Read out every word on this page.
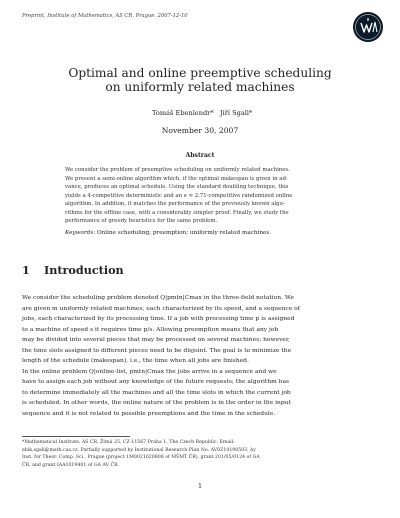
Preprint, Institute of Mathematics, AS CR, Prague. 2007-12-10
Optimal and online preemptive scheduling
on uniformly related machines
Tomáš Ebenlendr* Jiří Sgall*
November 30, 2007
Abstract
We consider the problem of preemptive scheduling on uniformly related machines.
We present a semi-online algorithm which, if the optimal makespan is given in ad-
vance, produces an optimal schedule. Using the standard doubling technique, this
yields a 4-competitive deterministic and an e ≈ 2.71-competitive randomized online
algorithm. In addition, it matches the performance of the previously known algo-
rithms for the offline case, with a considerably simpler proof. Finally, we study the
performance of greedy heuristics for the same problem.
Keywords: Online scheduling; preemption; uniformly related machines.
1 Introduction
We consider the scheduling problem denoted Q|pmtn|Cmax in the three-field notation. We
are given m uniformly related machines, each characterized by its speed, and a sequence of
jobs, each characterized by its processing time. If a job with processing time p is assigned
to a machine of speed s it requires time p/s. Allowing preemption means that any job
may be divided into several pieces that may be processed on several machines; however,
the time slots assigned to different pieces need to be disjoint. The goal is to minimize the
length of the schedule (makespan), i.e., the time when all jobs are finished.
In the online problem Q|online-list, pmtn|Cmax the jobs arrive in a sequence and we
have to assign each job without any knowledge of the future requests; the algorithm has
to determine immediately all the machines and all the time slots in which the current job
is scheduled. In other words, the online nature of the problem is in the order in the input
sequence and it is not related to possible preemptions and the time in the schedule.
*Mathematical Institute, AS CR, Žitná 25, CZ-11567 Praha 1, The Czech Republic. Email:
ebik,sgall@math.cas.cz. Partially supported by Institutional Research Plan No. AV0Z10190503, by
Inst. for Theor. Comp. Sci., Prague (project 1M0021620808 of MŠMT ČR), grant 201/05/0124 of GA
ČR, and grant IAA1019401 of GA AV ČR.
1
